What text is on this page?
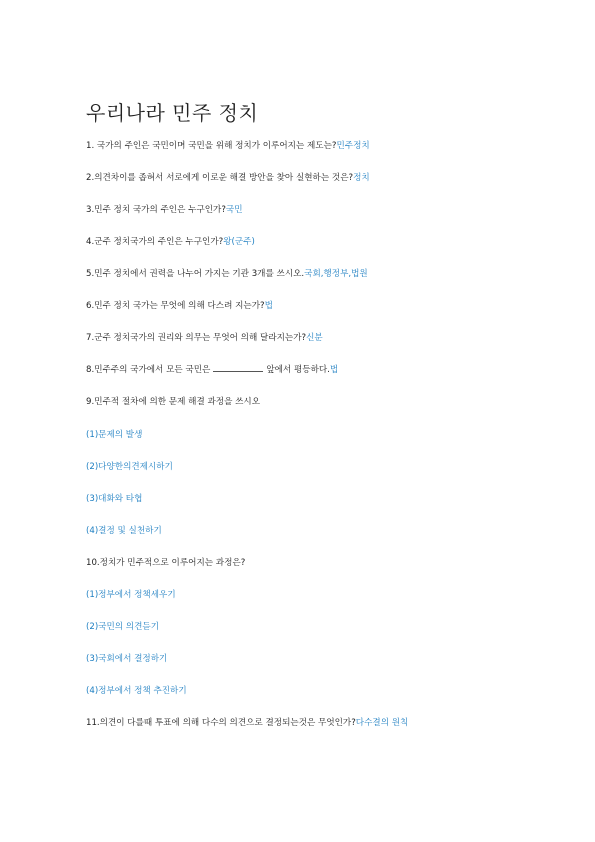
우리나라 민주 정치
1. 국가의 주인은 국민이며 국민을 위해 정치가 이루어지는 제도는?민주정치
2.의견차이를 좁혀서 서로에게 이로운 해결 방안을 찾아 실현하는 것은?정치
3.민주 정치 국가의 주인은 누구인가?국민
4.군주 정치국가의 주인은 누구인가?왕(군주)
5.민주 정치에서 권력을 나누어 가지는 기관 3개를 쓰시오.국회,행정부,법원
6.민주 정치 국가는 무엇에 의해 다스려 지는가?법
7.군주 정치국가의 권리와 의무는 무엇어 의해 달라지는가?신분
8.민주주의 국가에서 모든 국민은	앞에서 평등하다.법
9.민주적 절차에 의한 문제 해결 과정을 쓰시오
(1)문제의 발생
(2)다양한의견제시하기
(3)대화와 타협
(4)결정 및 실천하기
10.정치가 민주적으로 이루어지는 과정은?
(1)정부에서 정책세우기
(2)국민의 의견듣기
(3)국회에서 결정하기
(4)정부에서 정책 추진하기
11.의견이 다를때 투표에 의해 다수의 의견으로 결정되는것은 무엇인가?다수결의 원칙
